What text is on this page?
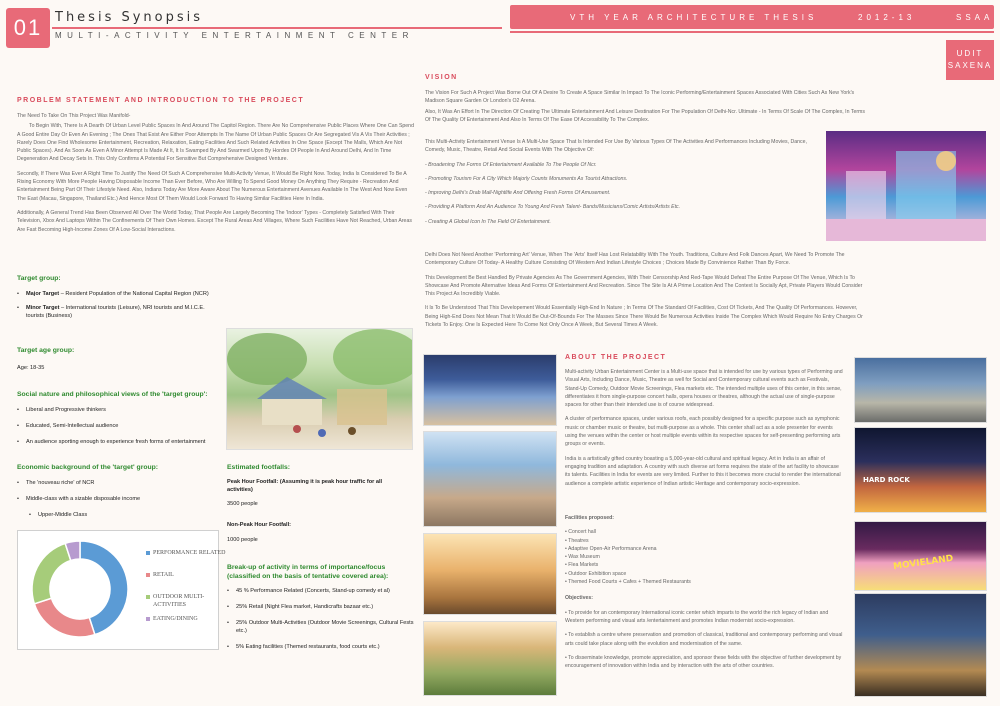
01 Thesis Synopsis
MULTI-ACTIVITY ENTERTAINMENT CENTER
VTH YEAR ARCHITECTURE THESIS	2012-13	SSAA
UDIT
SAXENA
PROBLEM STATEMENT AND INTRODUCTION TO THE PROJECT

The Need To Take On This Project Was Manifold-

To Begin With, There Is A Dearth Of Urban Level Public Spaces In And Around The Capitol Region. There Are No Comprehensive Public Places Where One Can Spend A Good Entire Day Or Even An Evening ; The Ones That Exist Are Either Poor Attempts In The Name Of Urban Public Spaces Or Are Segregated Vis A Vis Their Activities ; Rarely Does One Find Wholesome Entertainment, Recreation, Relaxation, Eating Facilities And Such Related Activities In One Space (Except The Malls, Which Are Not Public Spaces). And As Soon As Even A Minor Attempt Is Made At It, It Is Swamped By And Swarmed Upon By Hordes Of People In And Around Delhi, And In Time Degeneration And Decay Sets In. This Only Confirms A Potential For Sensitive But Comprehensive Designed Venture.

Secondly, If There Was Ever A Right Time To Justify The Need Of Such A Comprehensive Multi-Activity Venue, It Would Be Right Now. Today, India Is Considered To Be A Rising Economy With More People Having Disposable Income Than Ever Before, Who Are Willing To Spend Good Money On Anything They Require - Recreation And Entertainment Being Part Of Their Lifestyle Need. Also, Indians Today Are More Aware About The Numerous Entertainment Avenues Available In The West And Now Even The East (Macau, Singapore, Thailand Etc.) And Hence Most Of Them Would Look Forward To Having Similar Facilities Here In India.

Additionally, A General Trend Has Been Observed All Over The World Today, That People Are Largely Becoming The 'Indoor' Types - Completely Satisfied With Their Television, Xbox And Laptops Within The Confinements Of Their Own Homes. Except The Rural Areas And Villages, Where Such Facilities Have Not Reached, Urban Areas Are Fast Becoming High-Income Zones Of A Low-Social Interactions.

Target group:
• Major Target – Resident Population of the National Capital Region (NCR)
• Minor Target – International tourists (Leisure), NRI tourists and M.I.C.E. tourists (Business)
Target age group:
Age: 18-35
Social nature and philosophical views of the 'target group':
• Liberal and Progressive thinkers
• Educated, Semi-Intellectual audience
• An audience sporting enough to experience fresh forms of entertainment
Economic background of the 'target' group:
• The 'nouveau riche' of NCR
• Middle-class with a sizable disposable income
• Upper-Middle Class
PERFORMANCE RELATED
RETAIL
OUTDOOR MULTI-ACTIVITIES
EATING/DINING
Estimated footfalls:
Peak Hour Footfall: (Assuming it is peak hour traffic for all activities)
3500 people
Non-Peak Hour Footfall:
1000 people
Break-up of activity in terms of importance/focus (classified on the basis of tentative covered area):
• 45 % Performance Related (Concerts, Stand-up comedy et al)
• 25% Retail (Night Flea market, Handicrafts bazaar etc.)
• 25% Outdoor Multi-Activities (Outdoor Movie Screenings, Cultural Fests etc.)
• 5% Eating facilities (Themed restaurants, food courts etc.)
VISION

The Vision For Such A Project Was Borne Out Of A Desire To Create A Space Similar In Impact To The Iconic Performing/Entertainment Spaces Associated With Cities Such As New York's Madison Square Garden Or London's O2 Arena.

Also, It Was An Effort In The Direction Of Creating The Ultimate Entertainment And Leisure Destination For The Population Of Delhi-Ncr. Ultimate - In Terms Of Scale Of The Complex, In Terms Of The Quality Of Entertainment And Also In Terms Of The Ease Of Accessibility To The Complex.

This Multi-Activity Entertainment Venue Is A Multi-Use Space That Is Intended For Use By Various Types Of The Activities And Performances Including Movies, Dance, Comedy, Music, Theatre, Retail And Social Events With The Objective Of:

- Broadening The Forms Of Entertainment Available To The People Of Ncr.

- Promoting Tourism For A City Which Majorly Counts Monuments As Tourist Attractions.

- Improving Delhi's Drab Mall-Nightlife And Offering Fresh Forms Of Amusement.

- Providing A Platform And An Audience To Young And Fresh Talent- Bands/Musicians/Comic Artists/Artists Etc.

- Creating A Global Icon In The Field Of Entertainment.

Delhi Does Not Need Another 'Performing Art' Venue, When The 'Arts' Itself Has Lost Relatability With The Youth. Traditions, Culture And Folk Dances Apart, We Need To Promote The Contemporary Culture Of Today- A Healthy Culture Consisting Of Western And Indian Lifestyle Choices ; Choices Made By Convinience Rather Than By Force.

This Development Be Best Handled By Private Agencies As The Government Agencies, With Their Censorship And Red-Tape Would Defeat The Entire Purpose Of The Venue, Which Is To Showcase And Promote Alternative Ideas And Forms Of Entertainment And Recreation. Since The Site Is At A Prime Location And The Context Is Socially Apt, Private Players Would Consider This Project As Incredibly Viable.

It Is To Be Understood That This Developement Would Essentially High-End In Nature ; In Terms Of The Standard Of Facilities, Cost Of Tickets, And The Quality Of Performances. However, Being High-End Does Not Mean That It Would Be Out-Of-Bounds For The Masses Since There Would Be Numerous Activities Inside The Complex Which Would Require No Entry Charges Or Tickets To Enjoy. One Is Expected Here To Come Not Only Once A Week, But Several Times A Week.

ABOUT THE PROJECT

Multi-activity Urban Entertainment Center is a Multi-use space that is intended for use by various types of Performing and Visual Arts, Including Dance, Music, Theatre as well for Social and Contemporary cultural events such as Festivals, Stand-Up Comedy, Outdoor Movie Screenings, Flea markets etc. The intended multiple uses of this center, in this sense, differentiates it from single-purpose concert halls, opera houses or theatres, although the actual use of single-purpose spaces for other than their intended use is of course widespread.

A cluster of performance spaces, under various roofs, each possibly designed for a specific purpose such as symphonic music or chamber music or theatre, but multi-purpose as a whole. This center shall act as a sole presenter for events using the venues within the center or host multiple events within its respective spaces for self-presenting performing arts groups or events.

India is a artistically gifted country boasting a 5,000-year-old cultural and spiritual legacy. Art in India is an affair of engaging tradition and adaptation. A country with such diverse art forms requires the state of the art facility to showcase its talents. Facilities in India for events are very limited. Further to this it becomes more crucial to render the international audience a complete artistic experience of Indian artistic Heritage and contemporary socio-expression.

Facilities proposed:

• Concert hall
• Theatres
• Adaptive Open-Air Performance Arena
• Wax Museum
• Flea Markets
• Outdoor Exhibition space
• Themed Food Courts + Cafes + Themed Restaurants

Objectives:

• To provide for an contemporary International iconic center which imparts to the world the rich legacy of Indian and Western performing and visual arts /entertainment and promotes Indian modernist socio-expression.

• To establish a centre where preservation and promotion of classical, traditional and contemporary performing and visual arts could take place along with the evolution and modernisation of the same.

• To disseminate knowledge, promote appreciation, and sponsor these fields with the objective of further development by encouragement of innovation within India and by interaction with the arts of other countries.

HARD ROCK
MOVIELAND
